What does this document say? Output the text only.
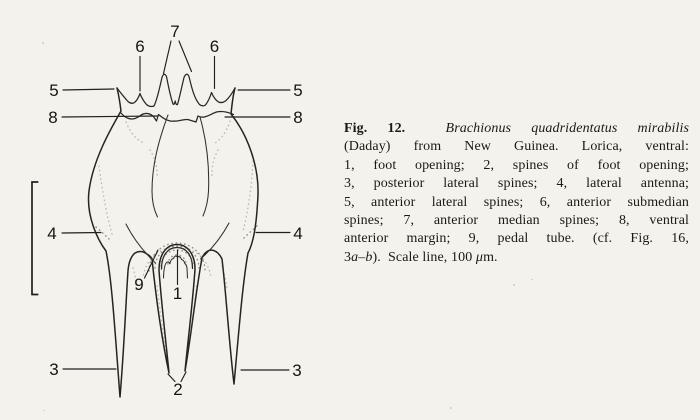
7
6	6
5	5
8	8
4	4
9 1
3	3
2
Fig. 12.	Brachionus quadridentatus mirabilis
(Daday) from New Guinea. Lorica, ventral:
1, foot opening; 2, spines of foot opening;
3, posterior lateral spines; 4, lateral antenna;
5, anterior lateral spines; 6, anterior submedian
spines; 7, anterior median spines; 8, ventral
anterior margin; 9, pedal tube. (cf. Fig. 16,
3a–b).  Scale line, 100 μm.
